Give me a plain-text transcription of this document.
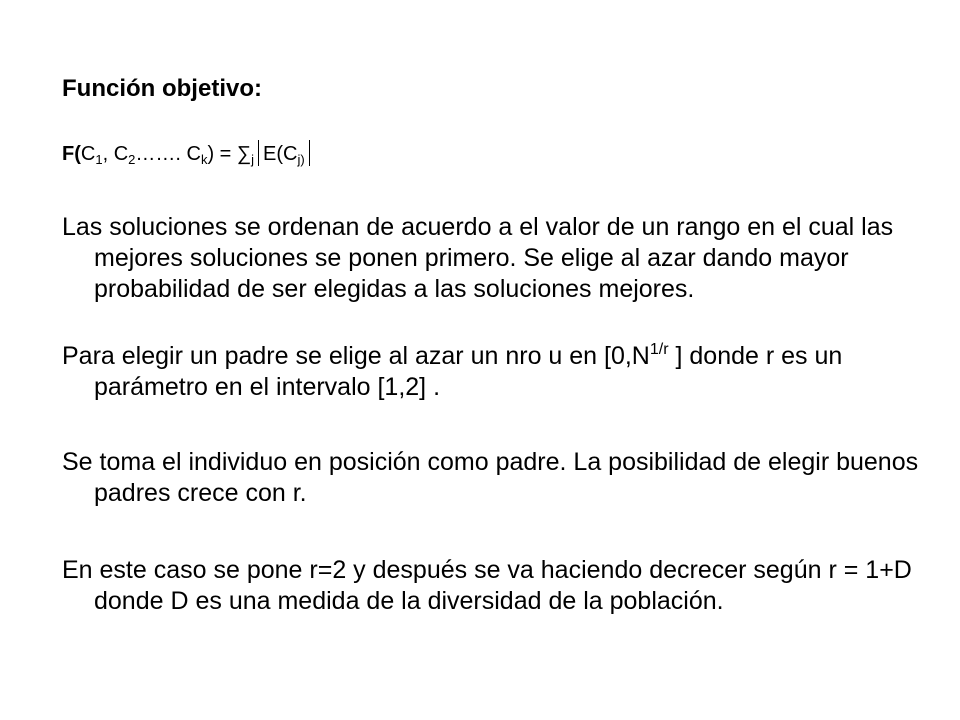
Función objetivo:
$F(C_1$, $C_2\dots\dots$. $C_k) = \sum_j$ $E(C_{j)}$
Las soluciones se ordenan de acuerdo a el valor de un rango en el cual las mejores soluciones se ponen primero. Se elige al azar dando mayor probabilidad de ser elegidas a las soluciones mejores.
Para elegir un padre se elige al azar un nro u en [$0,N^{1/r}$ ] donde r es un parámetro en el intervalo [1,2] .
Se toma el individuo en posición como padre. La posibilidad de elegir buenos padres crece con r.
En este caso se pone r=2 y después se va haciendo decrecer según r = 1+D donde D es una medida de la diversidad de la población.
